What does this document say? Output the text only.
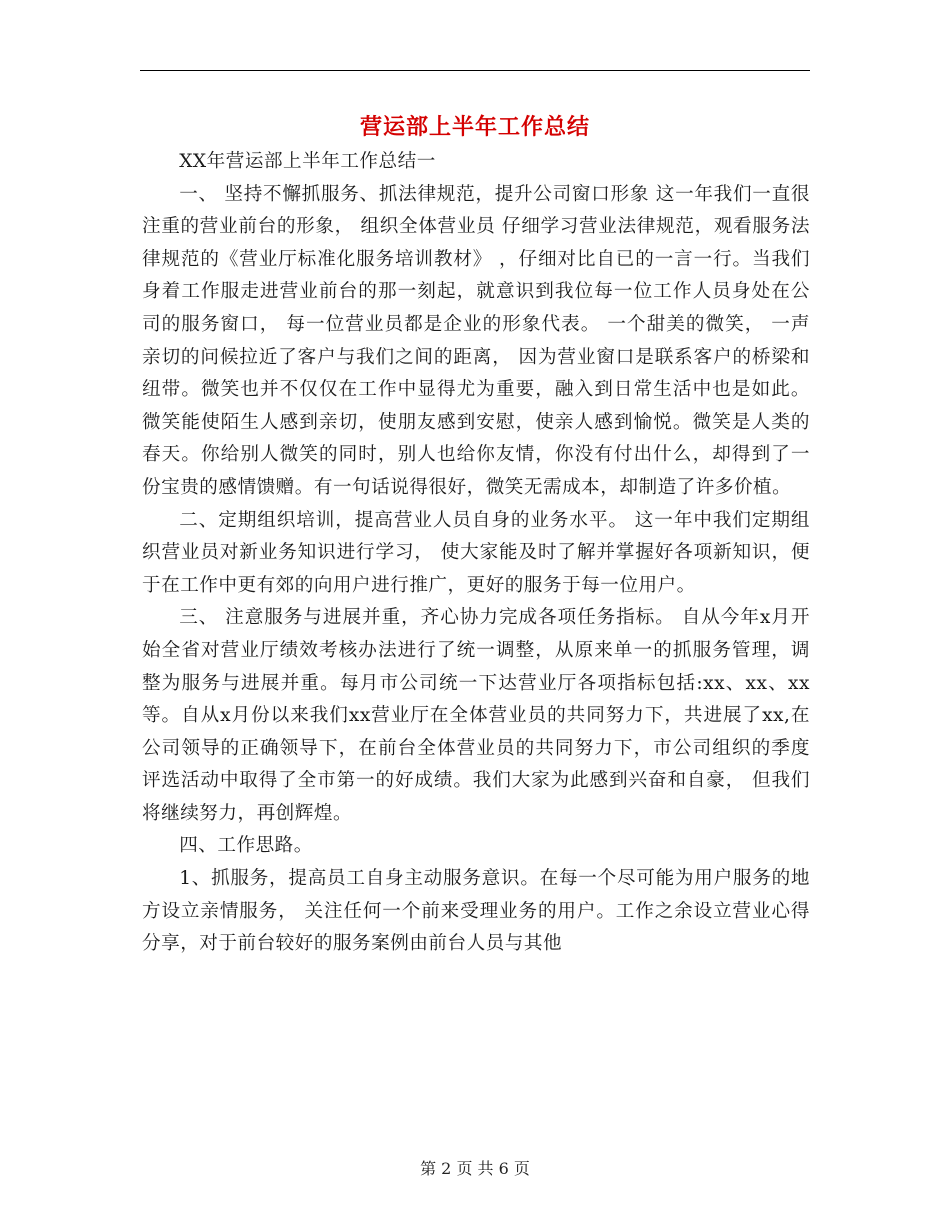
营运部上半年工作总结

XX年营运部上半年工作总结一

一、 坚持不懈抓服务、抓法律规范，提升公司窗口形象 这一年我们一直很注重的营业前台的形象， 组织全体营业员 仔细学习营业法律规范，观看服务法律规范的《营业厅标准化服务培训教材》 ，仔细对比自已的一言一行。当我们身着工作服走进营业前台的那一刻起，就意识到我位每一位工作人员身处在公司的服务窗口， 每一位营业员都是企业的形象代表。 一个甜美的微笑， 一声亲切的问候拉近了客户与我们之间的距离， 因为营业窗口是联系客户的桥梁和纽带。微笑也并不仅仅在工作中显得尤为重要，融入到日常生活中也是如此。微笑能使陌生人感到亲切，使朋友感到安慰，使亲人感到愉悦。微笑是人类的春天。你给别人微笑的同时，别人也给你友情，你没有付出什么，却得到了一份宝贵的感情馈赠。有一句话说得很好，微笑无需成本，却制造了许多价植。

二、定期组织培训，提高营业人员自身的业务水平。 这一年中我们定期组织营业员对新业务知识进行学习， 使大家能及时了解并掌握好各项新知识，便于在工作中更有郊的向用户进行推广，更好的服务于每一位用户。

三、 注意服务与进展并重，齐心协力完成各项任务指标。 自从今年x月开始全省对营业厅绩效考核办法进行了统一调整，从原来单一的抓服务管理，调整为服务与进展并重。每月市公司统一下达营业厅各项指标包括:xx、xx、xx等。自从x月份以来我们xx营业厅在全体营业员的共同努力下，共进展了xx,在公司领导的正确领导下，在前台全体营业员的共同努力下，市公司组织的季度评选活动中取得了全市第一的好成绩。我们大家为此感到兴奋和自豪， 但我们将继续努力，再创辉煌。

四、工作思路。

1、抓服务，提高员工自身主动服务意识。在每一个尽可能为用户服务的地方设立亲情服务， 关注任何一个前来受理业务的用户。工作之余设立营业心得分享，对于前台较好的服务案例由前台人员与其他

第 2 页 共 6 页
